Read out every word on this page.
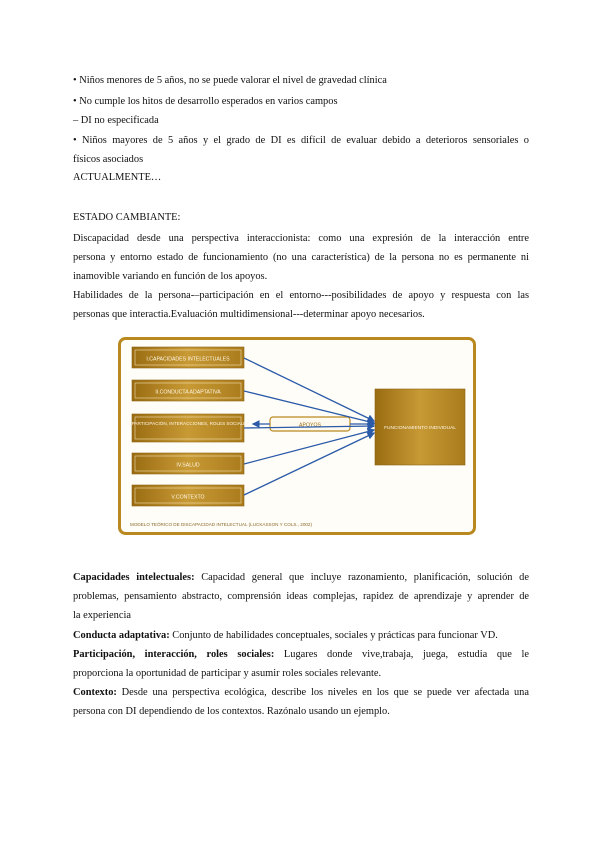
• Niños menores de 5 años, no se puede valorar el nivel de gravedad clínica
• No cumple los hitos de desarrollo esperados en varios campos
– DI no especificada
• Niños mayores de 5 años y el grado de DI es difícil de evaluar debido a deterioros sensoriales o
físicos asociados
ACTUALMENTE…
ESTADO CAMBIANTE:
Discapacidad desde una perspectiva interaccionista: como una expresión de la interacción entre
persona y entorno estado de funcionamiento (no una característica) de la persona no es permanente ni
inamovible variando en función de los apoyos.
Habilidades de la persona-–participación en el entorno---posibilidades de apoyo y respuesta con las
personas que interactia.Evaluación multidimensional---determinar apoyo necesarios.
I.CAPACIDADES INTELECTUALES
II.CONDUCTA ADAPTATIVA
III.PARTICIPACIÓN, INTERACCIONES, ROLES SOCIALES
IV.SALUD
V.CONTEXTO
APOYOS	FUNCIONAMIENTO INDIVIDUAL
MODELO TEÓRICO DE DISCAPACIDAD INTELECTUAL (LUCKASSON Y COLS., 2002)
Capacidades intelectuales: Capacidad general que incluye razonamiento, planificación, solución de
problemas, pensamiento abstracto, comprensión ideas complejas, rapidez de aprendizaje y aprender de
la experiencia
Conducta adaptativa: Conjunto de habilidades conceptuales, sociales y prácticas para funcionar VD.
Participación, interacción, roles sociales: Lugares donde vive,trabaja, juega, estudia que le
proporciona la oportunidad de participar y asumir roles sociales relevante.
Contexto: Desde una perspectiva ecológica, describe los niveles en los que se puede ver afectada una
persona con DI dependiendo de los contextos. Razónalo usando un ejemplo.
